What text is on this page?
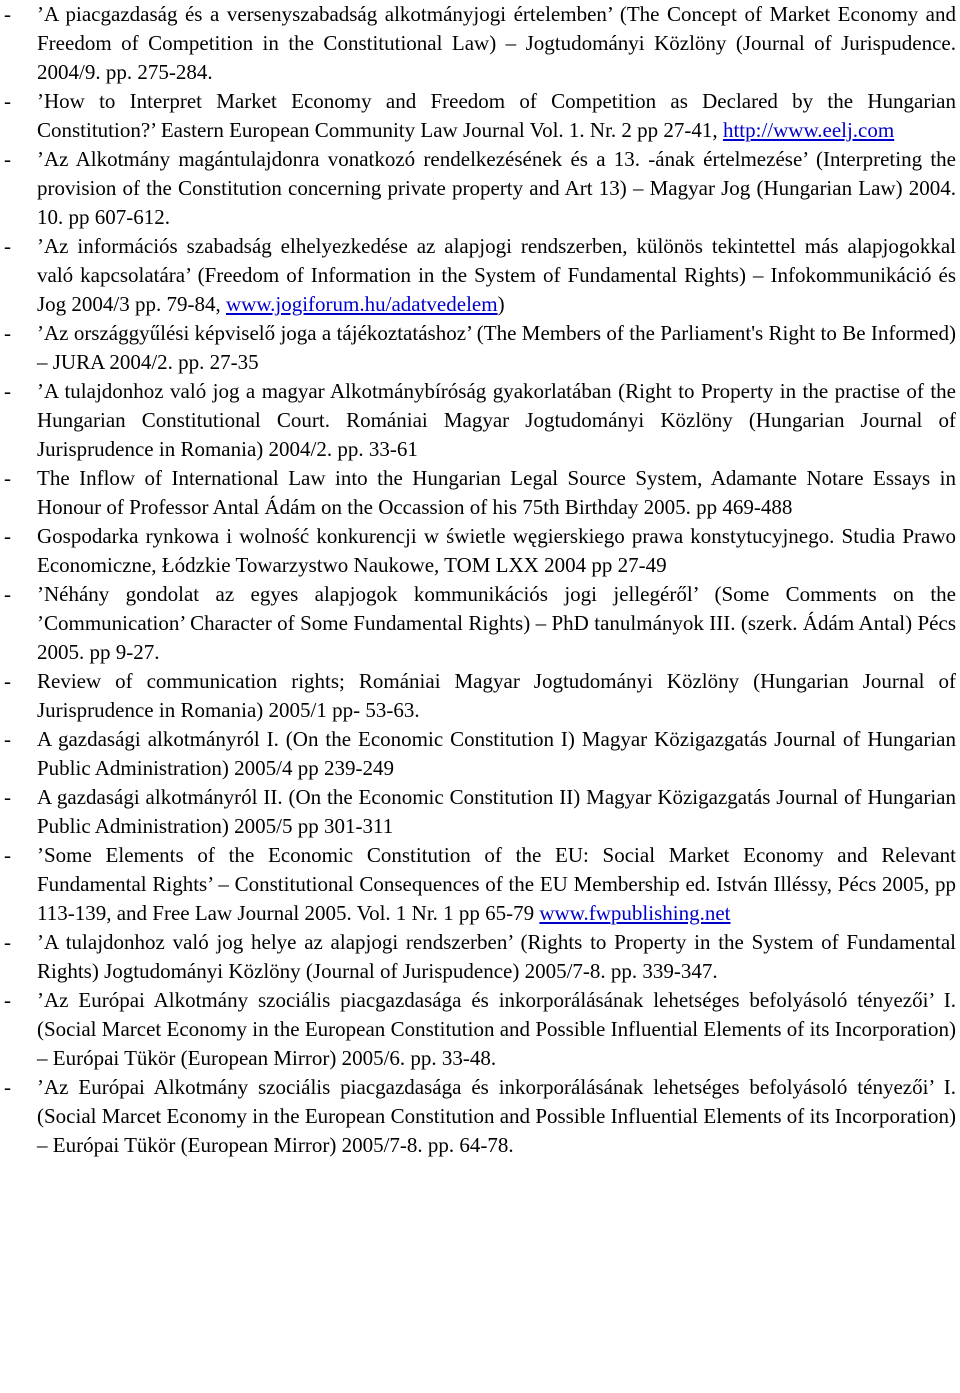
- ’A piacgazdaság és a versenyszabadság alkotmányjogi értelemben’ (The Concept of Market Economy and Freedom of Competition in the Constitutional Law) – Jogtudományi Közlöny (Journal of Jurispudence. 2004/9. pp. 275-284.
- ’How to Interpret Market Economy and Freedom of Competition as Declared by the Hungarian Constitution?’ Eastern European Community Law Journal Vol. 1. Nr. 2 pp 27-41, http://www.eelj.com
- ’Az Alkotmány magántulajdonra vonatkozó rendelkezésének és a 13. -ának értelmezése’ (Interpreting the provision of the Constitution concerning private property and Art 13) – Magyar Jog (Hungarian Law) 2004. 10. pp 607-612.
- ’Az információs szabadság elhelyezkedése az alapjogi rendszerben, különös tekintettel más alapjogokkal való kapcsolatára’ (Freedom of Information in the System of Fundamental Rights) – Infokommunikáció és Jog 2004/3 pp. 79-84, www.jogiforum.hu/adatvedelem)
- ’Az országgyűlési képviselő joga a tájékoztatáshoz’ (The Members of the Parliament's Right to Be Informed) – JURA 2004/2. pp. 27-35
- ’A tulajdonhoz való jog a magyar Alkotmánybíróság gyakorlatában (Right to Property in the practise of the Hungarian Constitutional Court. Romániai Magyar Jogtudományi Közlöny (Hungarian Journal of Jurisprudence in Romania) 2004/2. pp. 33-61
- The Inflow of International Law into the Hungarian Legal Source System, Adamante Notare Essays in Honour of Professor Antal Ádám on the Occassion of his 75th Birthday 2005. pp 469-488
- Gospodarka rynkowa i wolność konkurencji w świetle węgierskiego prawa konstytucyjnego. Studia Prawo Economiczne, Łódzkie Towarzystwo Naukowe, TOM LXX 2004 pp 27-49
- ’Néhány gondolat az egyes alapjogok kommunikációs jogi jellegéről’ (Some Comments on the ’Communication’ Character of Some Fundamental Rights) – PhD tanulmányok III. (szerk. Ádám Antal) Pécs 2005. pp 9-27.
- Review of communication rights; Romániai Magyar Jogtudományi Közlöny (Hungarian Journal of Jurisprudence in Romania) 2005/1 pp- 53-63.
- A gazdasági alkotmányról I. (On the Economic Constitution I) Magyar Közigazgatás Journal of Hungarian Public Administration) 2005/4 pp 239-249
- A gazdasági alkotmányról II. (On the Economic Constitution II) Magyar Közigazgatás Journal of Hungarian Public Administration) 2005/5 pp 301-311
- ’Some Elements of the Economic Constitution of the EU: Social Market Economy and Relevant Fundamental Rights’ – Constitutional Consequences of the EU Membership ed. István Illéssy, Pécs 2005, pp 113-139, and Free Law Journal 2005. Vol. 1 Nr. 1 pp 65-79 www.fwpublishing.net
- ’A tulajdonhoz való jog helye az alapjogi rendszerben’ (Rights to Property in the System of Fundamental Rights) Jogtudományi Közlöny (Journal of Jurispudence) 2005/7-8. pp. 339-347.
- ’Az Európai Alkotmány szociális piacgazdasága és inkorporálásának lehetséges befolyásoló tényezői’ I. (Social Marcet Economy in the European Constitution and Possible Influential Elements of its Incorporation) – Európai Tükör (European Mirror) 2005/6. pp. 33-48.
- ’Az Európai Alkotmány szociális piacgazdasága és inkorporálásának lehetséges befolyásoló tényezői’ I. (Social Marcet Economy in the European Constitution and Possible Influential Elements of its Incorporation) – Európai Tükör (European Mirror) 2005/7-8. pp. 64-78.
